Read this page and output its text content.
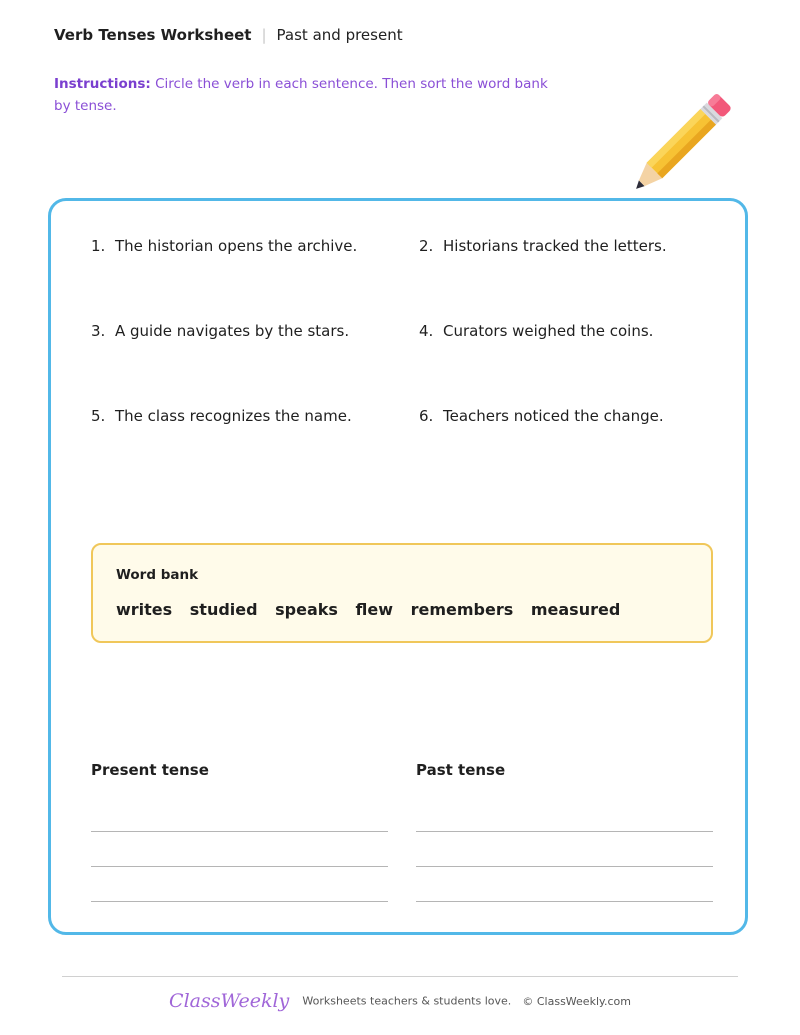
Verb Tenses Worksheet | Past and present
Instructions: Circle the verb in each sentence. Then sort the word bank by tense.
1. The historian opens the archive.	2. Historians tracked the letters.
3. A guide navigates by the stars.	4. Curators weighed the coins.
5. The class recognizes the name.	6. Teachers noticed the change.
Word bank
writes studied speaks flew remembers measured
Present tense	Past tense
ClassWeekly Worksheets teachers & students love. © ClassWeekly.com
